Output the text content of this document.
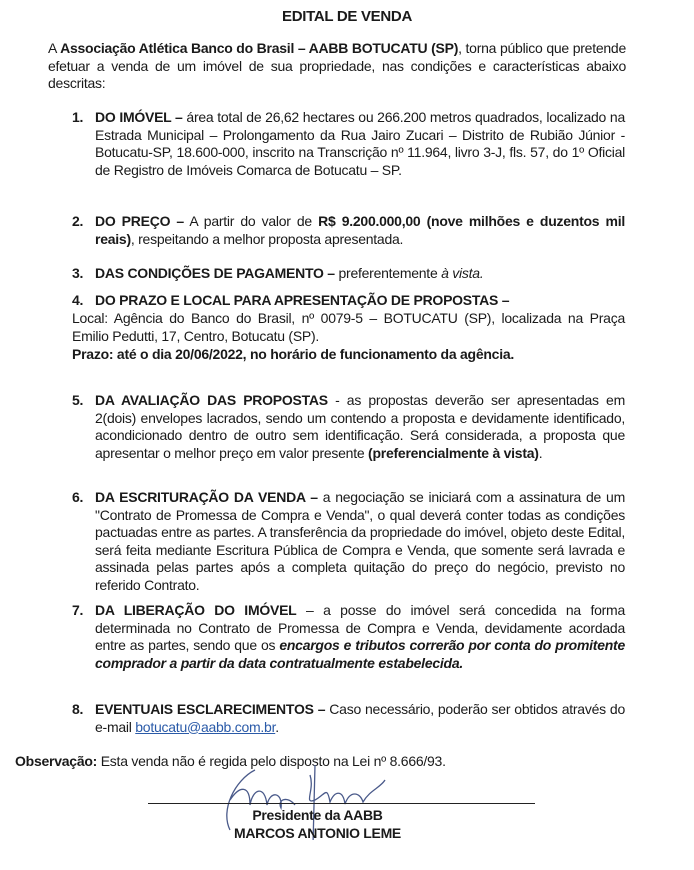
EDITAL DE VENDA
A Associação Atlética Banco do Brasil – AABB BOTUCATU (SP), torna público que pretende efetuar a venda de um imóvel de sua propriedade, nas condições e características abaixo descritas:
1. DO IMÓVEL – área total de 26,62 hectares ou 266.200 metros quadrados, localizado na Estrada Municipal – Prolongamento da Rua Jairo Zucari – Distrito de Rubião Júnior - Botucatu-SP, 18.600-000, inscrito na Transcrição nº 11.964, livro 3-J, fls. 57, do 1º Oficial de Registro de Imóveis Comarca de Botucatu – SP.
2. DO PREÇO – A partir do valor de R$ 9.200.000,00 (nove milhões e duzentos mil reais), respeitando a melhor proposta apresentada.
3. DAS CONDIÇÕES DE PAGAMENTO – preferentemente à vista.
4. DO PRAZO E LOCAL PARA APRESENTAÇÃO DE PROPOSTAS –
Local: Agência do Banco do Brasil, nº 0079-5 – BOTUCATU (SP), localizada na Praça Emilio Pedutti, 17, Centro, Botucatu (SP).
Prazo: até o dia 20/06/2022, no horário de funcionamento da agência.
5. DA AVALIAÇÃO DAS PROPOSTAS - as propostas deverão ser apresentadas em 2(dois) envelopes lacrados, sendo um contendo a proposta e devidamente identificado, acondicionado dentro de outro sem identificação. Será considerada, a proposta que apresentar o melhor preço em valor presente (preferencialmente à vista).
6. DA ESCRITURAÇÃO DA VENDA – a negociação se iniciará com a assinatura de um "Contrato de Promessa de Compra e Venda", o qual deverá conter todas as condições pactuadas entre as partes. A transferência da propriedade do imóvel, objeto deste Edital, será feita mediante Escritura Pública de Compra e Venda, que somente será lavrada e assinada pelas partes após a completa quitação do preço do negócio, previsto no referido Contrato.
7. DA LIBERAÇÃO DO IMÓVEL – a posse do imóvel será concedida na forma determinada no Contrato de Promessa de Compra e Venda, devidamente acordada entre as partes, sendo que os encargos e tributos correrão por conta do promitente comprador a partir da data contratualmente estabelecida.
8. EVENTUAIS ESCLARECIMENTOS – Caso necessário, poderão ser obtidos através do e-mail botucatu@aabb.com.br.
Observação: Esta venda não é regida pelo disposto na Lei nº 8.666/93.
Presidente da AABB
MARCOS ANTONIO LEME
